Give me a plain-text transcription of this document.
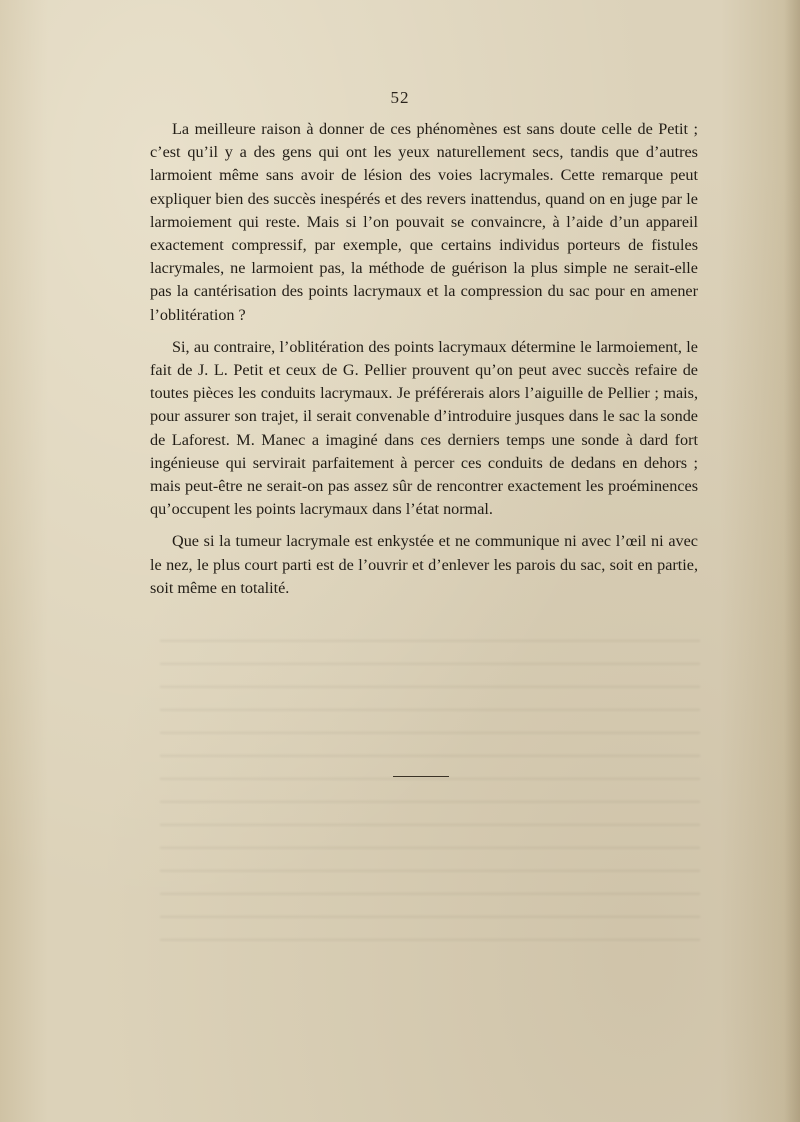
52

La meilleure raison à donner de ces phénomènes est sans doute celle de Petit ; c’est qu’il y a des gens qui ont les yeux naturellement secs, tandis que d’autres larmoient même sans avoir de lésion des voies lacrymales. Cette remarque peut expliquer bien des succès inespérés et des revers inattendus, quand on en juge par le larmoiement qui reste. Mais si l’on pouvait se convaincre, à l’aide d’un appareil exactement compressif, par exemple, que certains individus porteurs de fistules lacrymales, ne larmoient pas, la méthode de guérison la plus simple ne serait-elle pas la cantérisation des points lacrymaux et la compression du sac pour en amener l’oblitération ?

Si, au contraire, l’oblitération des points lacrymaux détermine le larmoiement, le fait de J. L. Petit et ceux de G. Pellier prouvent qu’on peut avec succès refaire de toutes pièces les conduits lacrymaux. Je préférerais alors l’aiguille de Pellier ; mais, pour assurer son trajet, il serait convenable d’introduire jusques dans le sac la sonde de Laforest. M. Manec a imaginé dans ces derniers temps une sonde à dard fort ingénieuse qui servirait parfaitement à percer ces conduits de dedans en dehors ; mais peut-être ne serait-on pas assez sûr de rencontrer exactement les proéminences qu’occupent les points lacrymaux dans l’état normal.

Que si la tumeur lacrymale est enkystée et ne communique ni avec l’œil ni avec le nez, le plus court parti est de l’ouvrir et d’enlever les parois du sac, soit en partie, soit même en totalité.
